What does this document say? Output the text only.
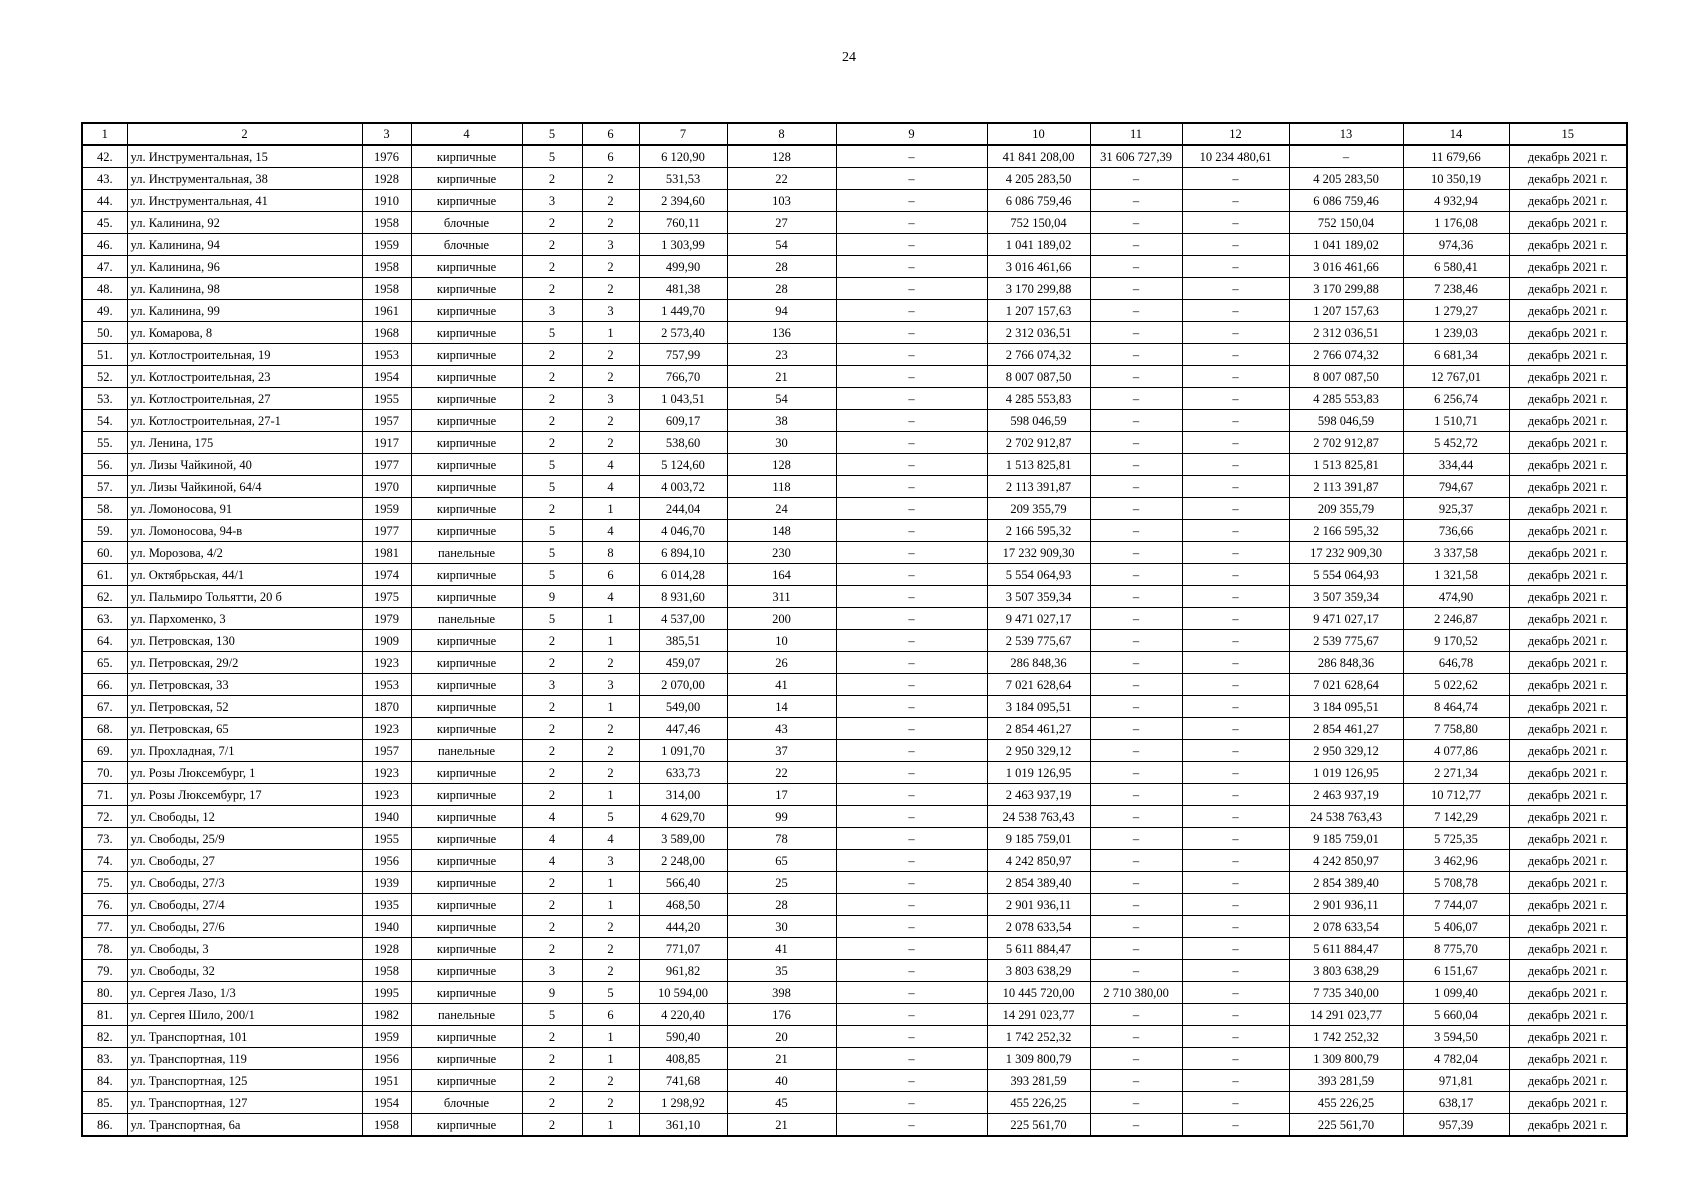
24
1	2	3	4	5	6	7	8	9	10	11	12	13	14	15
42.	ул. Инструментальная, 15	1976	кирпичные	5	6	6 120,90	128	–	41 841 208,00	31 606 727,39	10 234 480,61	–	11 679,66	декабрь 2021 г.
43.	ул. Инструментальная, 38	1928	кирпичные	2	2	531,53	22	–	4 205 283,50	–	–	4 205 283,50	10 350,19	декабрь 2021 г.
44.	ул. Инструментальная, 41	1910	кирпичные	3	2	2 394,60	103	–	6 086 759,46	–	–	6 086 759,46	4 932,94	декабрь 2021 г.
45.	ул. Калинина, 92	1958	блочные	2	2	760,11	27	–	752 150,04	–	–	752 150,04	1 176,08	декабрь 2021 г.
46.	ул. Калинина, 94	1959	блочные	2	3	1 303,99	54	–	1 041 189,02	–	–	1 041 189,02	974,36	декабрь 2021 г.
47.	ул. Калинина, 96	1958	кирпичные	2	2	499,90	28	–	3 016 461,66	–	–	3 016 461,66	6 580,41	декабрь 2021 г.
48.	ул. Калинина, 98	1958	кирпичные	2	2	481,38	28	–	3 170 299,88	–	–	3 170 299,88	7 238,46	декабрь 2021 г.
49.	ул. Калинина, 99	1961	кирпичные	3	3	1 449,70	94	–	1 207 157,63	–	–	1 207 157,63	1 279,27	декабрь 2021 г.
50.	ул. Комарова, 8	1968	кирпичные	5	1	2 573,40	136	–	2 312 036,51	–	–	2 312 036,51	1 239,03	декабрь 2021 г.
51.	ул. Котлостроительная, 19	1953	кирпичные	2	2	757,99	23	–	2 766 074,32	–	–	2 766 074,32	6 681,34	декабрь 2021 г.
52.	ул. Котлостроительная, 23	1954	кирпичные	2	2	766,70	21	–	8 007 087,50	–	–	8 007 087,50	12 767,01	декабрь 2021 г.
53.	ул. Котлостроительная, 27	1955	кирпичные	2	3	1 043,51	54	–	4 285 553,83	–	–	4 285 553,83	6 256,74	декабрь 2021 г.
54.	ул. Котлостроительная, 27-1	1957	кирпичные	2	2	609,17	38	–	598 046,59	–	–	598 046,59	1 510,71	декабрь 2021 г.
55.	ул. Ленина, 175	1917	кирпичные	2	2	538,60	30	–	2 702 912,87	–	–	2 702 912,87	5 452,72	декабрь 2021 г.
56.	ул. Лизы Чайкиной, 40	1977	кирпичные	5	4	5 124,60	128	–	1 513 825,81	–	–	1 513 825,81	334,44	декабрь 2021 г.
57.	ул. Лизы Чайкиной, 64/4	1970	кирпичные	5	4	4 003,72	118	–	2 113 391,87	–	–	2 113 391,87	794,67	декабрь 2021 г.
58.	ул. Ломоносова, 91	1959	кирпичные	2	1	244,04	24	–	209 355,79	–	–	209 355,79	925,37	декабрь 2021 г.
59.	ул. Ломоносова, 94-в	1977	кирпичные	5	4	4 046,70	148	–	2 166 595,32	–	–	2 166 595,32	736,66	декабрь 2021 г.
60.	ул. Морозова, 4/2	1981	панельные	5	8	6 894,10	230	–	17 232 909,30	–	–	17 232 909,30	3 337,58	декабрь 2021 г.
61.	ул. Октябрьская, 44/1	1974	кирпичные	5	6	6 014,28	164	–	5 554 064,93	–	–	5 554 064,93	1 321,58	декабрь 2021 г.
62.	ул. Пальмиро Тольятти, 20 б	1975	кирпичные	9	4	8 931,60	311	–	3 507 359,34	–	–	3 507 359,34	474,90	декабрь 2021 г.
63.	ул. Пархоменко, 3	1979	панельные	5	1	4 537,00	200	–	9 471 027,17	–	–	9 471 027,17	2 246,87	декабрь 2021 г.
64.	ул. Петровская, 130	1909	кирпичные	2	1	385,51	10	–	2 539 775,67	–	–	2 539 775,67	9 170,52	декабрь 2021 г.
65.	ул. Петровская, 29/2	1923	кирпичные	2	2	459,07	26	–	286 848,36	–	–	286 848,36	646,78	декабрь 2021 г.
66.	ул. Петровская, 33	1953	кирпичные	3	3	2 070,00	41	–	7 021 628,64	–	–	7 021 628,64	5 022,62	декабрь 2021 г.
67.	ул. Петровская, 52	1870	кирпичные	2	1	549,00	14	–	3 184 095,51	–	–	3 184 095,51	8 464,74	декабрь 2021 г.
68.	ул. Петровская, 65	1923	кирпичные	2	2	447,46	43	–	2 854 461,27	–	–	2 854 461,27	7 758,80	декабрь 2021 г.
69.	ул. Прохладная, 7/1	1957	панельные	2	2	1 091,70	37	–	2 950 329,12	–	–	2 950 329,12	4 077,86	декабрь 2021 г.
70.	ул. Розы Люксембург, 1	1923	кирпичные	2	2	633,73	22	–	1 019 126,95	–	–	1 019 126,95	2 271,34	декабрь 2021 г.
71.	ул. Розы Люксембург, 17	1923	кирпичные	2	1	314,00	17	–	2 463 937,19	–	–	2 463 937,19	10 712,77	декабрь 2021 г.
72.	ул. Свободы, 12	1940	кирпичные	4	5	4 629,70	99	–	24 538 763,43	–	–	24 538 763,43	7 142,29	декабрь 2021 г.
73.	ул. Свободы, 25/9	1955	кирпичные	4	4	3 589,00	78	–	9 185 759,01	–	–	9 185 759,01	5 725,35	декабрь 2021 г.
74.	ул. Свободы, 27	1956	кирпичные	4	3	2 248,00	65	–	4 242 850,97	–	–	4 242 850,97	3 462,96	декабрь 2021 г.
75.	ул. Свободы, 27/3	1939	кирпичные	2	1	566,40	25	–	2 854 389,40	–	–	2 854 389,40	5 708,78	декабрь 2021 г.
76.	ул. Свободы, 27/4	1935	кирпичные	2	1	468,50	28	–	2 901 936,11	–	–	2 901 936,11	7 744,07	декабрь 2021 г.
77.	ул. Свободы, 27/6	1940	кирпичные	2	2	444,20	30	–	2 078 633,54	–	–	2 078 633,54	5 406,07	декабрь 2021 г.
78.	ул. Свободы, 3	1928	кирпичные	2	2	771,07	41	–	5 611 884,47	–	–	5 611 884,47	8 775,70	декабрь 2021 г.
79.	ул. Свободы, 32	1958	кирпичные	3	2	961,82	35	–	3 803 638,29	–	–	3 803 638,29	6 151,67	декабрь 2021 г.
80.	ул. Сергея Лазо, 1/3	1995	кирпичные	9	5	10 594,00	398	–	10 445 720,00	2 710 380,00	–	7 735 340,00	1 099,40	декабрь 2021 г.
81.	ул. Сергея Шило, 200/1	1982	панельные	5	6	4 220,40	176	–	14 291 023,77	–	–	14 291 023,77	5 660,04	декабрь 2021 г.
82.	ул. Транспортная, 101	1959	кирпичные	2	1	590,40	20	–	1 742 252,32	–	–	1 742 252,32	3 594,50	декабрь 2021 г.
83.	ул. Транспортная, 119	1956	кирпичные	2	1	408,85	21	–	1 309 800,79	–	–	1 309 800,79	4 782,04	декабрь 2021 г.
84.	ул. Транспортная, 125	1951	кирпичные	2	2	741,68	40	–	393 281,59	–	–	393 281,59	971,81	декабрь 2021 г.
85.	ул. Транспортная, 127	1954	блочные	2	2	1 298,92	45	–	455 226,25	–	–	455 226,25	638,17	декабрь 2021 г.
86.	ул. Транспортная, 6а	1958	кирпичные	2	1	361,10	21	–	225 561,70	–	–	225 561,70	957,39	декабрь 2021 г.
